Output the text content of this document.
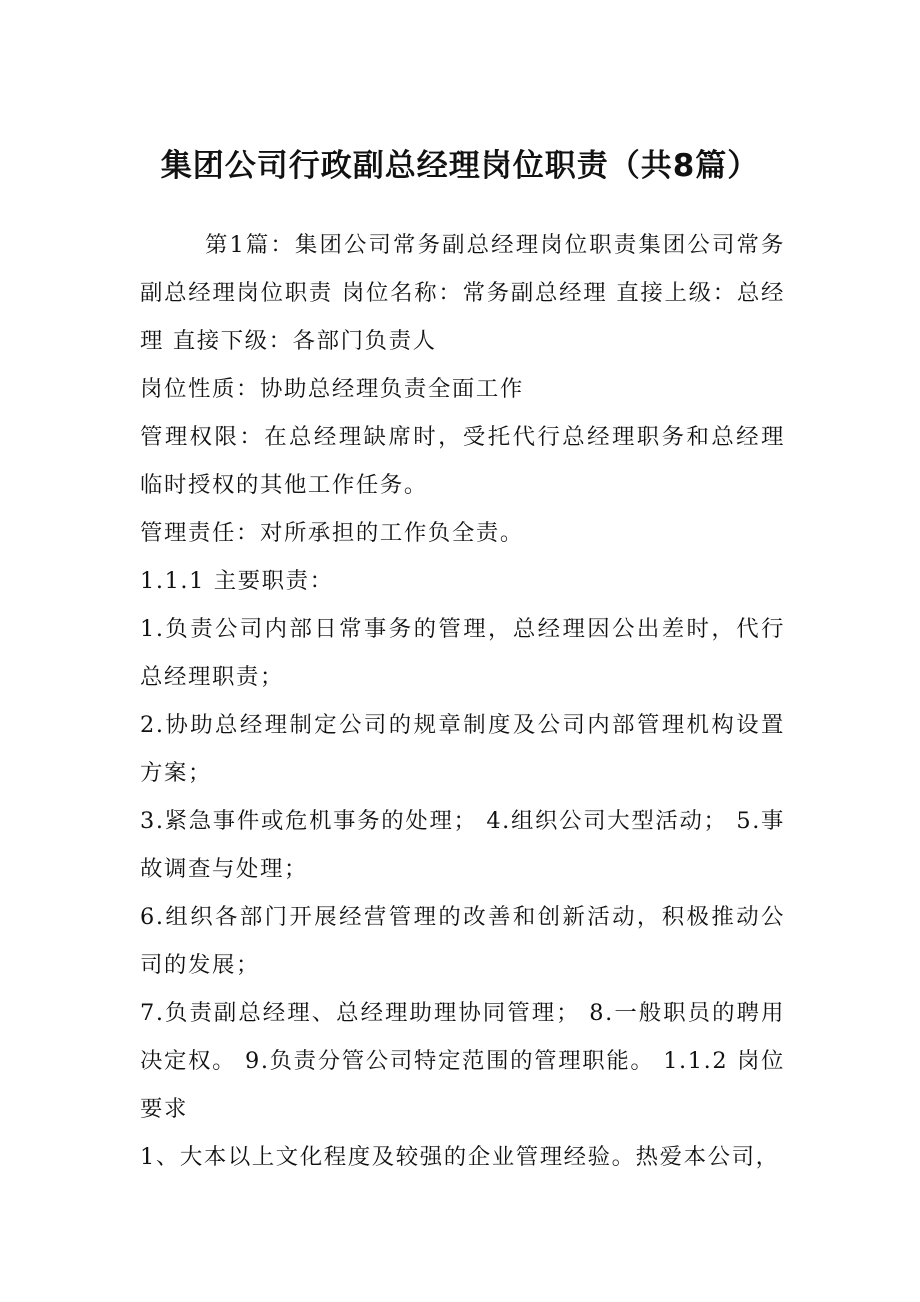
集团公司行政副总经理岗位职责（共8篇）

第1篇：集团公司常务副总经理岗位职责集团公司常务副总经理岗位职责 岗位名称：常务副总经理 直接上级：总经理 直接下级：各部门负责人

岗位性质：协助总经理负责全面工作

管理权限：在总经理缺席时，受托代行总经理职务和总经理临时授权的其他工作任务。

管理责任：对所承担的工作负全责。

1.1.1 主要职责：

1.负责公司内部日常事务的管理，总经理因公出差时，代行总经理职责；

2.协助总经理制定公司的规章制度及公司内部管理机构设置方案；

3.紧急事件或危机事务的处理； 4.组织公司大型活动； 5.事故调查与处理；

6.组织各部门开展经营管理的改善和创新活动，积极推动公司的发展；

7.负责副总经理、总经理助理协同管理； 8.一般职员的聘用决定权。 9.负责分管公司特定范围的管理职能。 1.1.2 岗位要求

1、大本以上文化程度及较强的企业管理经验。热爱本公司，
